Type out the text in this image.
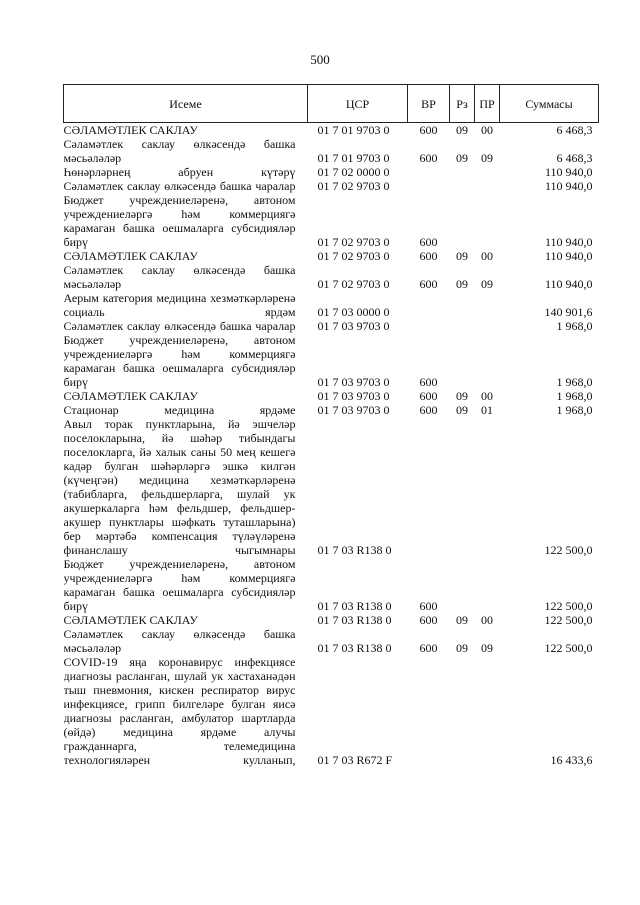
500
Исеме	ЦСР	ВР	Рз	ПР	Суммасы
СӘЛАМӘТЛЕК САКЛАУ	01 7 01 9703 0	600	09	00	6 468,3
Сәламәтлек саклау өлкәсендә башка мәсьәләләр	01 7 01 9703 0	600	09	09	6 468,3
Һөнәрләрнең абруен күтәрү	01 7 02 0000 0				110 940,0
Сәламәтлек саклау өлкәсендә башка чаралар	01 7 02 9703 0				110 940,0
Бюджет учреждениеләренә, автоном учреждениеләргә һәм коммерциягә карамаган башка оешмаларга субсидияләр бирү	01 7 02 9703 0	600			110 940,0
СӘЛАМӘТЛЕК САКЛАУ	01 7 02 9703 0	600	09	00	110 940,0
Сәламәтлек саклау өлкәсендә башка мәсьәләләр	01 7 02 9703 0	600	09	09	110 940,0
Аерым категория медицина хезмәткәрләренә социаль ярдәм	01 7 03 0000 0				140 901,6
Сәламәтлек саклау өлкәсендә башка чаралар	01 7 03 9703 0				1 968,0
Бюджет учреждениеләренә, автоном учреждениеләргә һәм коммерциягә карамаган башка оешмаларга субсидияләр бирү	01 7 03 9703 0	600			1 968,0
СӘЛАМӘТЛЕК САКЛАУ	01 7 03 9703 0	600	09	00	1 968,0
Стационар медицина ярдәме	01 7 03 9703 0	600	09	01	1 968,0
Авыл торак пунктларына, йә эшчеләр поселокларына, йә шәһәр тибындагы поселокларга, йә халык саны 50 мең кешегә кадәр булган шәһәрләргә эшкә килгән (күчеңгән) медицина хезмәткәрләренә (табибларга, фельдшерларга, шулай ук акушеркаларга һәм фельдшер, фельдшер-акушер пунктлары шәфкать туташларына) бер мәртәбә компенсация түләүләренә финанслашу чыгымнары	01 7 03 R138 0				122 500,0
Бюджет учреждениеләренә, автоном учреждениеләргә һәм коммерциягә карамаган башка оешмаларга субсидияләр бирү	01 7 03 R138 0	600			122 500,0
СӘЛАМӘТЛЕК САКЛАУ	01 7 03 R138 0	600	09	00	122 500,0
Сәламәтлек саклау өлкәсендә башка мәсьәләләр	01 7 03 R138 0	600	09	09	122 500,0
COVID-19 яңа коронавирус инфекциясе диагнозы расланган, шулай ук хастаханәдән тыш пневмония, кискен респиратор вирус инфекциясе, грипп билгеләре булган яисә диагнозы расланган, амбулатор шартларда (өйдә) медицина ярдәме алучы гражданнарга, телемедицина технологияләрен кулланып,	01 7 03 R672 F				16 433,6
